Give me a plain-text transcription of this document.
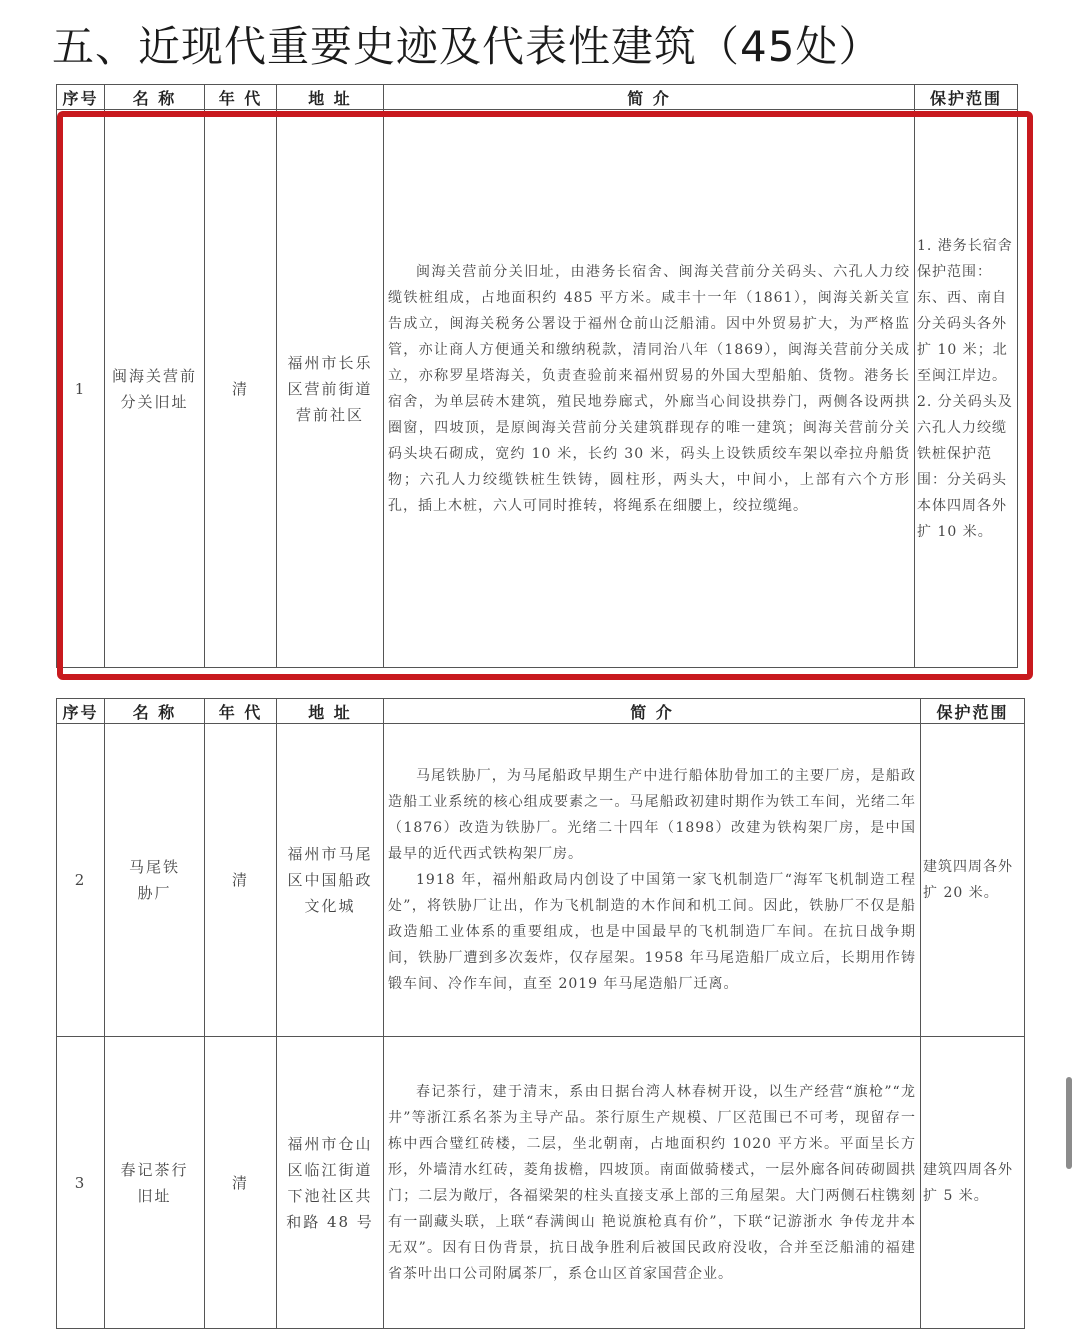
五、近现代重要史迹及代表性建筑（45处）
序号	名 称	年 代	地 址	简 介	保护范围
1	闽海关营前分关旧址	清	福州市长乐区营前街道营前社区	闽海关营前分关旧址，由港务长宿舍、闽海关营前分关码头、六孔人力绞缆铁桩组成，占地面积约 485 平方米。咸丰十一年（1861），闽海关新关宣告成立，闽海关税务公署设于福州仓前山泛船浦。因中外贸易扩大，为严格监管，亦让商人方便通关和缴纳税款，清同治八年（1869），闽海关营前分关成立，亦称罗星塔海关，负责查验前来福州贸易的外国大型船舶、货物。港务长宿舍，为单层砖木建筑，殖民地券廊式，外廊当心间设拱券门，两侧各设两拱圈窗，四坡顶，是原闽海关营前分关建筑群现存的唯一建筑；闽海关营前分关码头块石砌成，宽约 10 米，长约 30 米，码头上设铁质绞车架以牵拉舟船货物；六孔人力绞缆铁桩生铁铸，圆柱形，两头大，中间小，上部有六个方形孔，插上木桩，六人可同时推转，将绳系在细腰上，绞拉缆绳。	1. 港务长宿舍保护范围：东、西、南自分关码头各外扩 10 米；北至闽江岸边。2. 分关码头及六孔人力绞缆铁桩保护范围：分关码头本体四周各外扩 10 米。
序号	名 称	年 代	地 址	简 介	保护范围
2	马尾铁胁厂	清	福州市马尾区中国船政文化城	马尾铁胁厂，为马尾船政早期生产中进行船体肋骨加工的主要厂房，是船政造船工业系统的核心组成要素之一。马尾船政初建时期作为铁工车间，光绪二年（1876）改造为铁胁厂。光绪二十四年（1898）改建为铁构架厂房，是中国最早的近代西式铁构架厂房。

1918 年，福州船政局内创设了中国第一家飞机制造厂“海军飞机制造工程处”，将铁胁厂让出，作为飞机制造的木作间和机工间。因此，铁胁厂不仅是船政造船工业体系的重要组成，也是中国最早的飞机制造厂车间。在抗日战争期间，铁胁厂遭到多次轰炸，仅存屋架。1958 年马尾造船厂成立后，长期用作铸锻车间、冷作车间，直至 2019 年马尾造船厂迁离。	建筑四周各外扩 20 米。
3	春记茶行旧址	清	福州市仓山区临江街道下池社区共和路 48 号	春记茶行，建于清末，系由日据台湾人林春树开设，以生产经营“旗枪”“龙井”等浙江系名茶为主导产品。茶行原生产规模、厂区范围已不可考，现留存一栋中西合璧红砖楼，二层，坐北朝南，占地面积约 1020 平方米。平面呈长方形，外墙清水红砖，菱角拔檐，四坡顶。南面做骑楼式，一层外廊各间砖砌圆拱门；二层为敞厅，各福梁架的柱头直接支承上部的三角屋架。大门两侧石柱镌刻有一副藏头联，上联“春满闽山 艳说旗枪真有价”，下联“记游浙水 争传龙井本无双”。因有日伪背景，抗日战争胜利后被国民政府没收，合并至泛船浦的福建省茶叶出口公司附属茶厂，系仓山区首家国营企业。	建筑四周各外扩 5 米。
